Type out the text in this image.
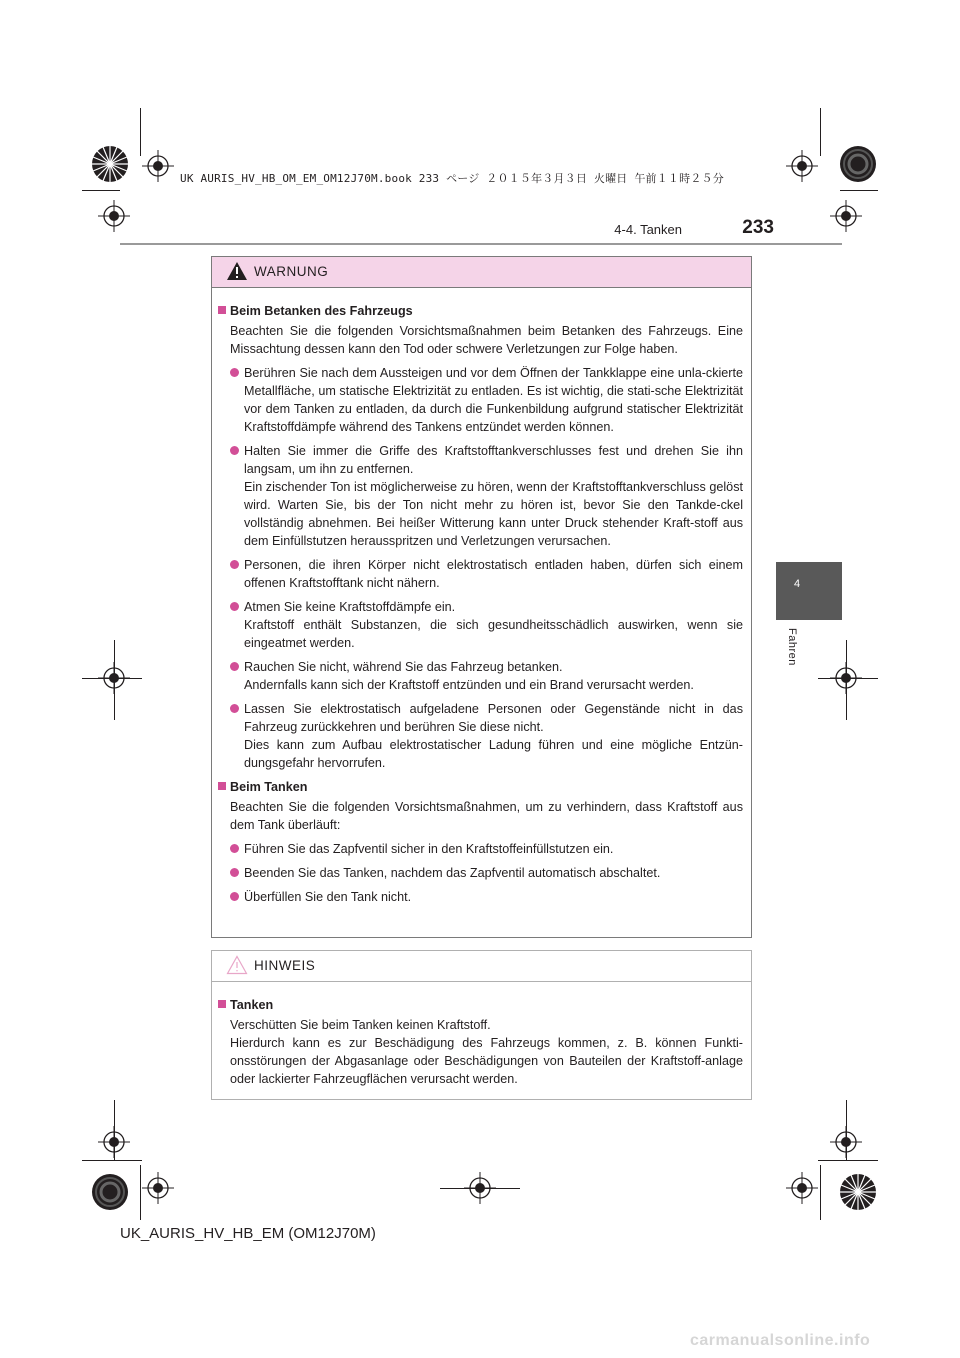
UK AURIS_HV_HB_OM_EM_OM12J70M.book 233 ページ ２０１５年３月３日 火曜日 午前１１時２５分
4-4. Tanken	233
4
Fahren
WARNUNG
Beim Betanken des Fahrzeugs
Beachten Sie die folgenden Vorsichtsmaßnahmen beim Betanken des Fahrzeugs. Eine Missachtung dessen kann den Tod oder schwere Verletzungen zur Folge haben.
Berühren Sie nach dem Aussteigen und vor dem Öffnen der Tankklappe eine unla-ckierte Metallfläche, um statische Elektrizität zu entladen. Es ist wichtig, die stati-sche Elektrizität vor dem Tanken zu entladen, da durch die Funkenbildung aufgrund statischer Elektrizität Kraftstoffdämpfe während des Tankens entzündet werden können.
Halten Sie immer die Griffe des Kraftstofftankverschlusses fest und drehen Sie ihn langsam, um ihn zu entfernen.
Ein zischender Ton ist möglicherweise zu hören, wenn der Kraftstofftankverschluss gelöst wird. Warten Sie, bis der Ton nicht mehr zu hören ist, bevor Sie den Tankde-ckel vollständig abnehmen. Bei heißer Witterung kann unter Druck stehender Kraft-stoff aus dem Einfüllstutzen herausspritzen und Verletzungen verursachen.
Personen, die ihren Körper nicht elektrostatisch entladen haben, dürfen sich einem offenen Kraftstofftank nicht nähern.
Atmen Sie keine Kraftstoffdämpfe ein.
Kraftstoff enthält Substanzen, die sich gesundheitsschädlich auswirken, wenn sie eingeatmet werden.
Rauchen Sie nicht, während Sie das Fahrzeug betanken.
Andernfalls kann sich der Kraftstoff entzünden und ein Brand verursacht werden.
Lassen Sie elektrostatisch aufgeladene Personen oder Gegenstände nicht in das Fahrzeug zurückkehren und berühren Sie diese nicht.
Dies kann zum Aufbau elektrostatischer Ladung führen und eine mögliche Entzün-dungsgefahr hervorrufen.
Beim Tanken
Beachten Sie die folgenden Vorsichtsmaßnahmen, um zu verhindern, dass Kraftstoff aus dem Tank überläuft:
Führen Sie das Zapfventil sicher in den Kraftstoffeinfüllstutzen ein.
Beenden Sie das Tanken, nachdem das Zapfventil automatisch abschaltet.
Überfüllen Sie den Tank nicht.
HINWEIS
Tanken
Verschütten Sie beim Tanken keinen Kraftstoff.
Hierdurch kann es zur Beschädigung des Fahrzeugs kommen, z. B. können Funkti-onsstörungen der Abgasanlage oder Beschädigungen von Bauteilen der Kraftstoff-anlage oder lackierter Fahrzeugflächen verursacht werden.
UK_AURIS_HV_HB_EM (OM12J70M)
carmanualsonline.info
